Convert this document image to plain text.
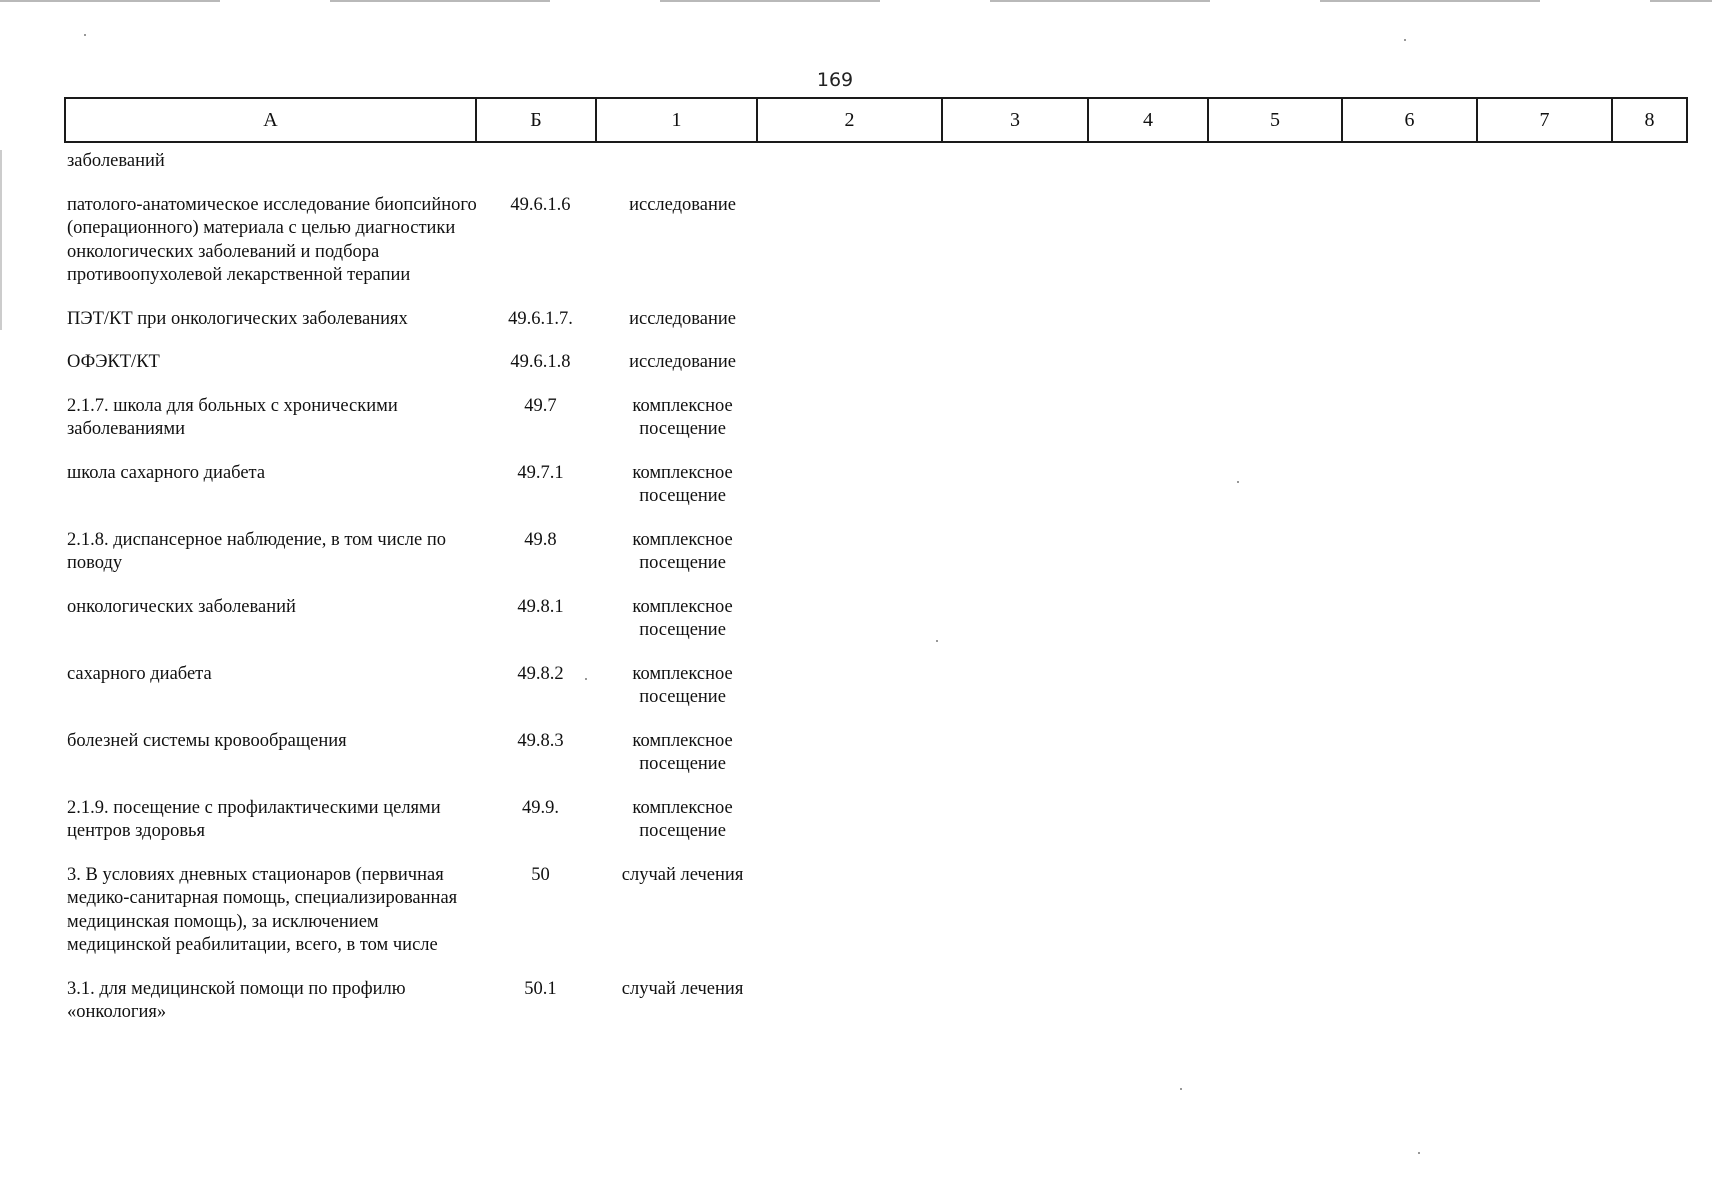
169
А	Б	1	2	3	4	5	6	7	8
заболеваний		
патолого-анатомическое исследование биопсийного (операционного) материала с целью диагностики онкологических заболеваний и подбора противоопухолевой лекарственной терапии	49.6.1.6	исследование
ПЭТ/КТ при онкологических заболеваниях	49.6.1.7.	исследование
ОФЭКТ/КТ	49.6.1.8	исследование
2.1.7. школа для больных с хроническими заболеваниями	49.7	комплексное посещение
школа сахарного диабета	49.7.1	комплексное посещение
2.1.8. диспансерное наблюдение, в том числе по поводу	49.8	комплексное посещение
онкологических заболеваний	49.8.1	комплексное посещение
сахарного диабета	49.8.2	комплексное посещение
болезней системы кровообращения	49.8.3	комплексное посещение
2.1.9. посещение с профилактическими целями центров здоровья	49.9.	комплексное посещение
3. В условиях дневных стационаров (первичная медико-санитарная помощь, специализированная медицинская помощь), за исключением медицинской реабилитации, всего, в том числе	50	случай лечения
3.1. для медицинской помощи по профилю «онкология»	50.1	случай лечения
